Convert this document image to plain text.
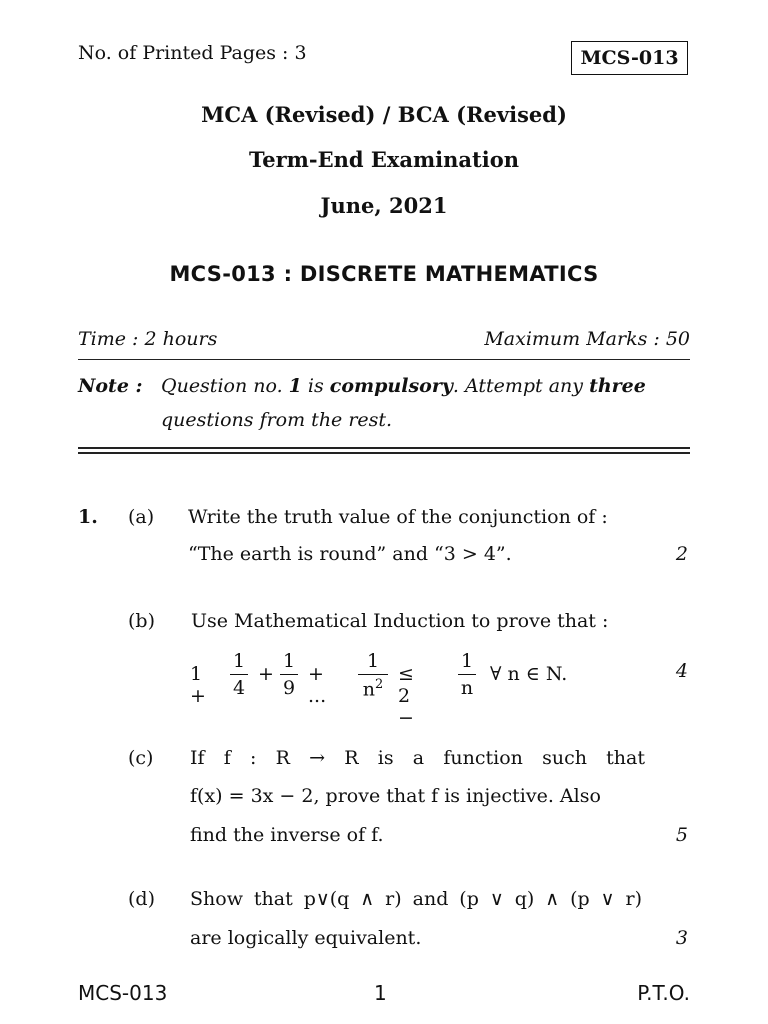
No. of Printed Pages : 3	MCS-013
MCA (Revised) / BCA (Revised)
Term-End Examination
June, 2021
MCS-013 : DISCRETE MATHEMATICS
Time : 2 hours	Maximum Marks : 50
Note : Question no. 1 is compulsory. Attempt any three
questions from the rest.
1. (a) Write the truth value of the conjunction of :
“The earth is round” and “3 > 4”.	2
(b) Use Mathematical Induction to prove that :
1 +
1
4
+
1
9
+ ...
1
$n^2 \le 2$ −
1
n
∀ n ∈ N.	4
(c) If f : R → R is a function such that
f(x) = 3x − 2, prove that f is injective. Also
find the inverse of f.	5
(d) Show that p∨(q ∧ r) and (p ∨ q) ∧ (p ∨ r)
are logically equivalent.	3
MCS-013	1	P.T.O.
